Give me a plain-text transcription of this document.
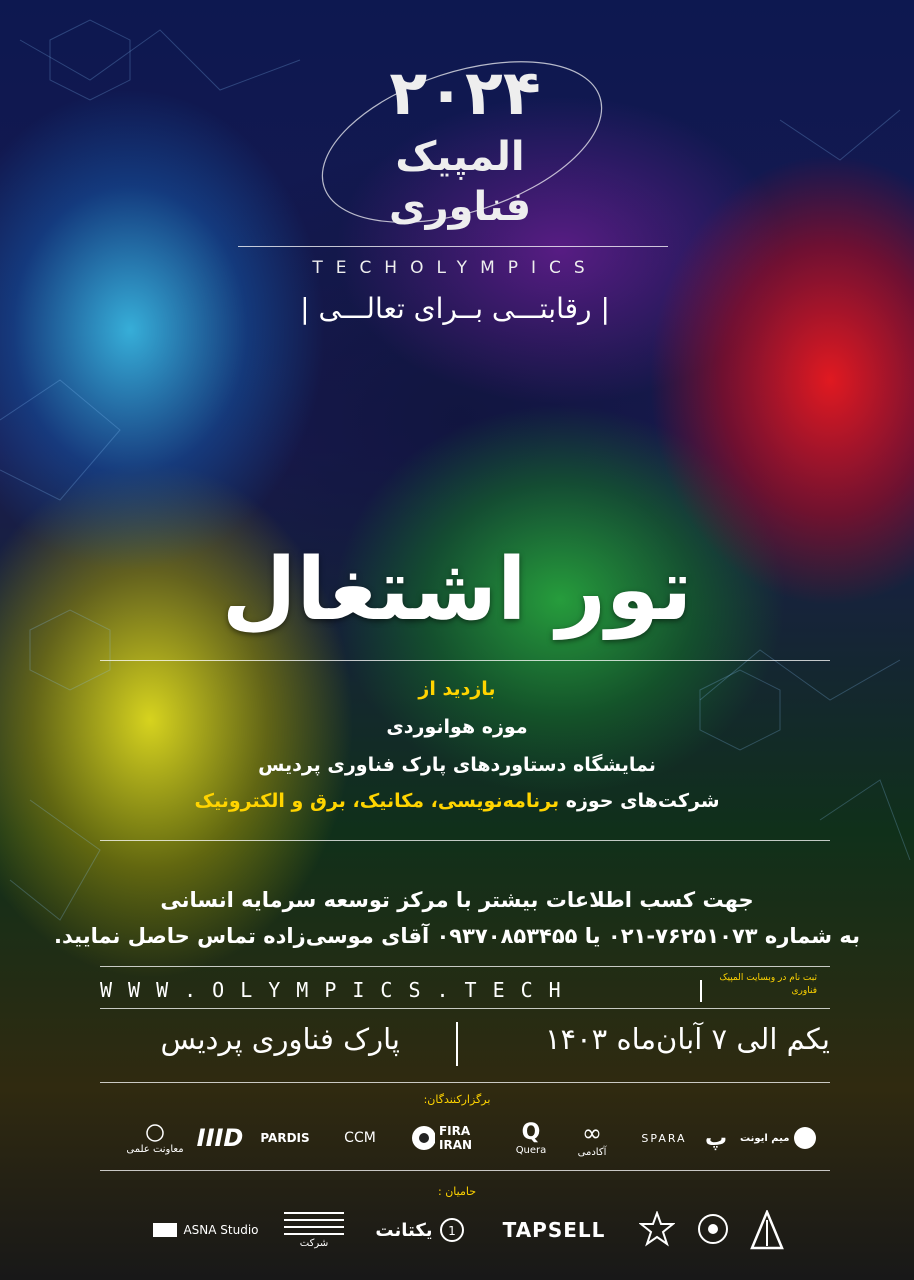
۲۰۲۴
المپیک فناوری
TECHOLYMPICS
| رقابتـــی بــرای تعالـــی |
تور اشتغال
بازدید از
موزه هوانوردی
نمایشگاه دستاوردهای پارک فناوری پردیس
شرکت‌های حوزه برنامه‌نویسی، مکانیک، برق و الکترونیک
جهت کسب اطلاعات بیشتر با مرکز توسعه سرمایه انسانی
به شماره ۷۶۲۵۱۰۷۳-۰۲۱ یا ۰۹۳۷۰۸۵۳۴۵۵ آقای موسی‌زاده تماس حاصل نمایید.
WWW.OLYMPICS.TECH	ثبت نام در وبسایت المپیک فناوری
یکم الی ۷ آبان‌ماه ۱۴۰۳
پارک فناوری پردیس
برگزارکنندگان:
معاونت علمی IIID PARDIS CCM	FIRA IRAN	Q
Quera
∞
آکادمی
SPARA پ میم ایونت
حامیان :
ASNA Studio
شرکت
یکتانت 1 TAPSELL
